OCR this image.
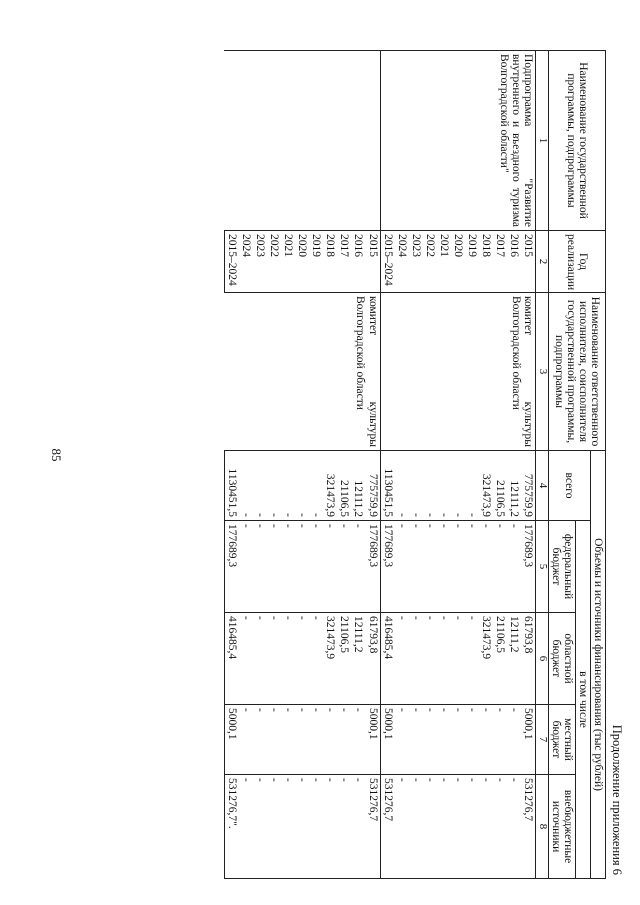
85
Продолжение приложения 6
Наименование государственной программы, подпрограммы	Год реализации	Наименование ответственного исполнителя, соисполнителя государственной программы, подпрограммы	Объемы и источники финансирования (тыс рублей)				
			всего	в том числе			
				федеральный бюджет	областной бюджет	местный бюджет	внебюджетные источники
1	2	3	4	5	6	7	8
Подпрограмма "Развитие внутреннего и въездного туризма Волгоградской области"	2015	комитет культуры Волгоградской области	775759,9	177689,3	61793,8	5000,1	531276,7
	2016		12111,2	-	12111,2	-	-
	2017		21106,5	-	21106,5	-	-
	2018		321473,9	-	321473,9	-	-
	2019		-	-	-	-	-
	2020		-	-	-	-	-
	2021		-	-	-	-	-
	2022		-	-	-	-	-
	2023		-	-	-	-	-
	2024		-	-	-	-	-
	2015–2024		1130451,5	177689,3	416485,4	5000,1	531276,7
	2015	комитет культуры Волгоградской области	775759,9	177689,3	61793,8	5000,1	531276,7
	2016		12111,2	-	12111,2	-	-
	2017		21106,5	-	21106,5	-	-
	2018		321473,9	-	321473,9	-	-
	2019		-	-	-	-	-
	2020		-	-	-	-	-
	2021		-	-	-	-	-
	2022		-	-	-	-	-
	2023		-	-	-	-	-
	2024		-	-	-	-	-
	2015–2024		1130451,5	177689,3	416485,4	5000,1	531276,7".
